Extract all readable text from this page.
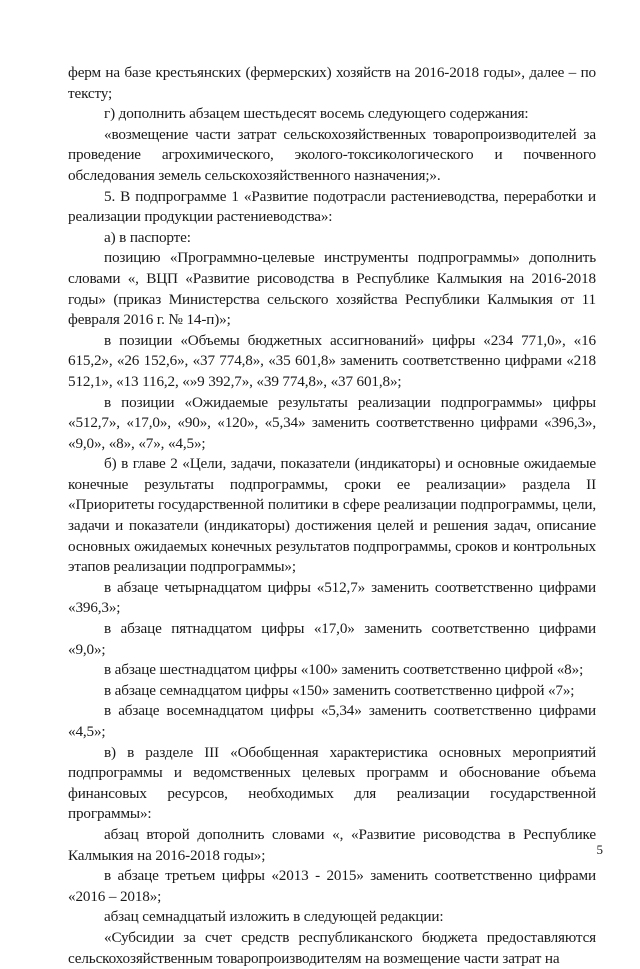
ферм на базе крестьянских (фермерских) хозяйств на 2016-2018 годы», далее – по тексту;

г) дополнить абзацем шестьдесят восемь следующего содержания:

«возмещение части затрат сельскохозяйственных товаропроизводителей за проведение агрохимического, эколого-токсикологического и почвенного обследования земель сельскохозяйственного назначения;».

5. В подпрограмме 1 «Развитие подотрасли растениеводства, переработки и реализации продукции растениеводства»:

а) в паспорте:

позицию «Программно-целевые инструменты подпрограммы» дополнить словами «, ВЦП «Развитие рисоводства в Республике Калмыкия на 2016-2018 годы» (приказ Министерства сельского хозяйства Республики Калмыкия от 11 февраля 2016 г. № 14-п)»;

в позиции «Объемы бюджетных ассигнований» цифры «234 771,0», «16 615,2», «26 152,6», «37 774,8», «35 601,8» заменить соответственно цифрами «218 512,1», «13 116,2, «»9 392,7», «39 774,8», «37 601,8»;

в позиции «Ожидаемые результаты реализации подпрограммы» цифры «512,7», «17,0», «90», «120», «5,34» заменить соответственно цифрами «396,3», «9,0», «8», «7», «4,5»;

б) в главе 2 «Цели, задачи, показатели (индикаторы) и основные ожидаемые конечные результаты подпрограммы, сроки ее реализации» раздела II «Приоритеты государственной политики в сфере реализации подпрограммы, цели, задачи и показатели (индикаторы) достижения целей и решения задач, описание основных ожидаемых конечных результатов подпрограммы, сроков и контрольных этапов реализации подпрограммы»;

в абзаце четырнадцатом цифры «512,7» заменить соответственно цифрами «396,3»;

в абзаце пятнадцатом цифры «17,0» заменить соответственно цифрами «9,0»;

в абзаце шестнадцатом цифры «100» заменить соответственно цифрой «8»;

в абзаце семнадцатом цифры «150» заменить соответственно цифрой «7»;

в абзаце восемнадцатом цифры «5,34» заменить соответственно цифрами «4,5»;

в) в разделе III «Обобщенная характеристика основных мероприятий подпрограммы и ведомственных целевых программ и обоснование объема финансовых ресурсов, необходимых для реализации государственной программы»:

абзац второй дополнить словами «, «Развитие рисоводства в Республике Калмыкия на 2016-2018 годы»;

в абзаце третьем цифры «2013 - 2015» заменить соответственно цифрами «2016 – 2018»;

абзац семнадцатый изложить в следующей редакции:

«Субсидии за счет средств республиканского бюджета предоставляются сельскохозяйственным товаропроизводителям на возмещение части затрат на

5
